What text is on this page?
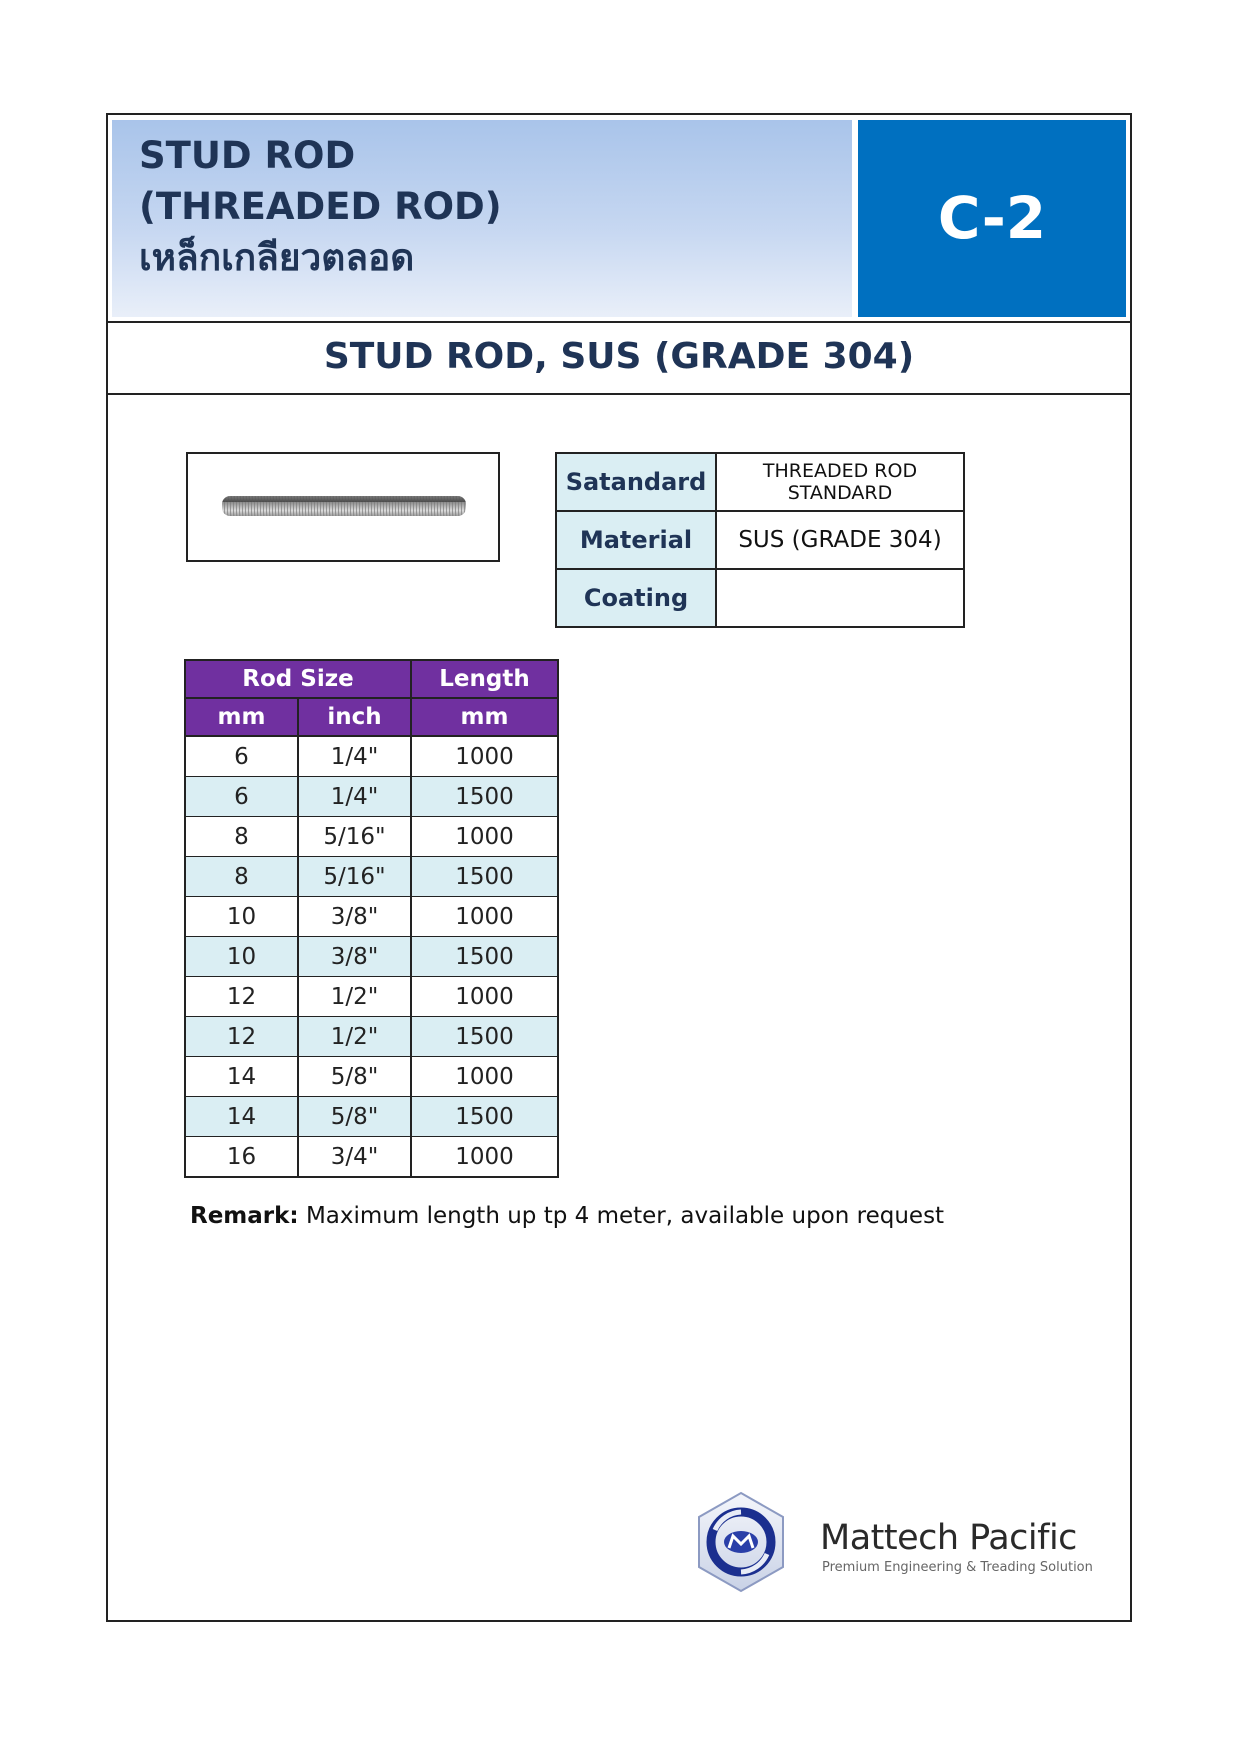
STUD ROD
(THREADED ROD)
เหล็กเกลียวตลอด
C-2
STUD ROD, SUS (GRADE 304)
Satandard	THREADED ROD STANDARD
Material	SUS (GRADE 304)
Coating	
Rod Size		Length
mm	inch	mm
6	1/4"	1000
6	1/4"	1500
8	5/16"	1000
8	5/16"	1500
10	3/8"	1000
10	3/8"	1500
12	1/2"	1000
12	1/2"	1500
14	5/8"	1000
14	5/8"	1500
16	3/4"	1000
Remark: Maximum length up tp 4 meter, available upon request
Mattech Pacific
Premium Engineering & Treading Solution
